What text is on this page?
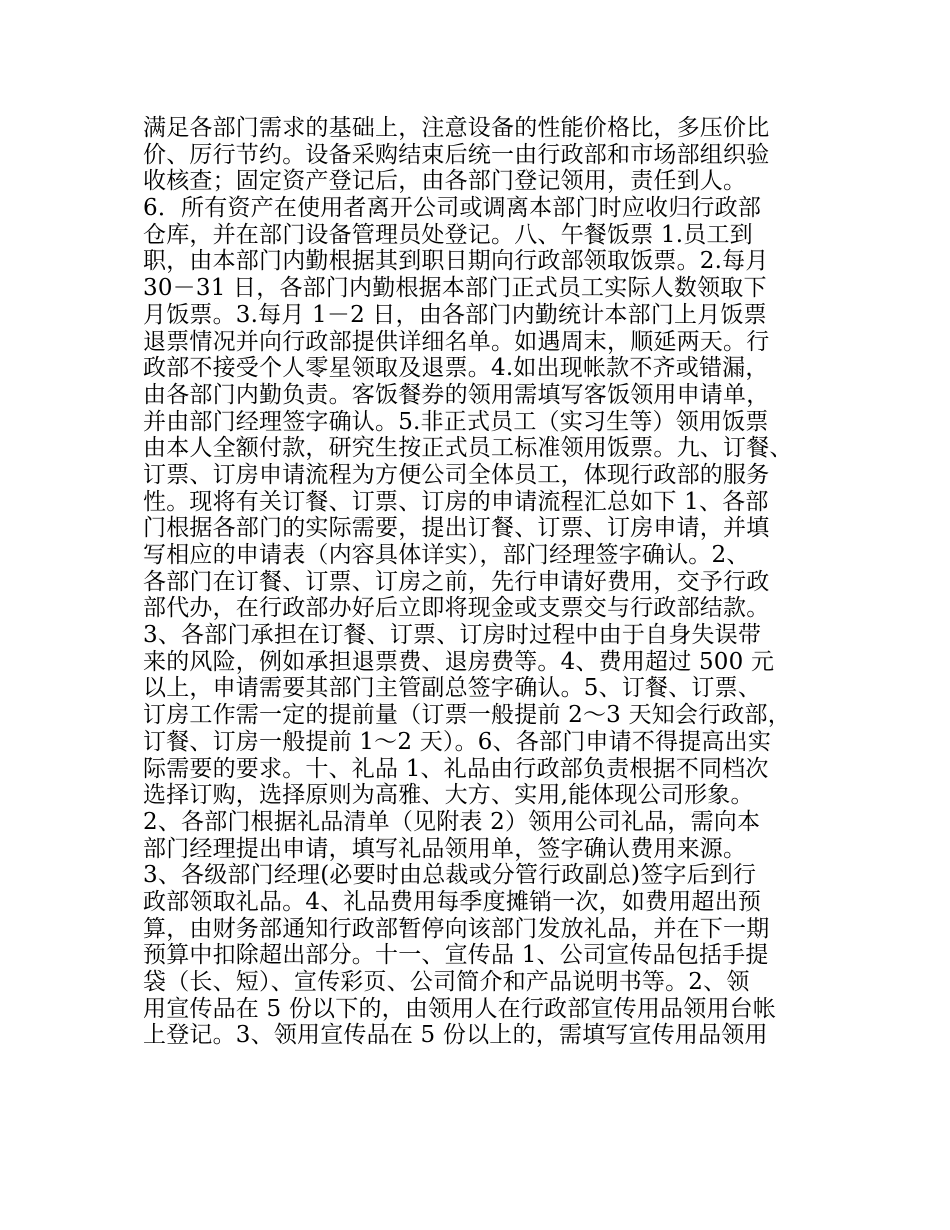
满足各部门需求的基础上，注意设备的性能价格比，多压价比
价、厉行节约。设备采购结束后统一由行政部和市场部组织验
收核查；固定资产登记后，由各部门登记领用，责任到人。
6．所有资产在使用者离开公司或调离本部门时应收归行政部
仓库，并在部门设备管理员处登记。八、午餐饭票 1.员工到
职，由本部门内勤根据其到职日期向行政部领取饭票。2.每月
30－31 日，各部门内勤根据本部门正式员工实际人数领取下
月饭票。3.每月 1－2 日，由各部门内勤统计本部门上月饭票
退票情况并向行政部提供详细名单。如遇周末，顺延两天。行
政部不接受个人零星领取及退票。4.如出现帐款不齐或错漏，
由各部门内勤负责。客饭餐券的领用需填写客饭领用申请单，
并由部门经理签字确认。5.非正式员工（实习生等）领用饭票
由本人全额付款，研究生按正式员工标准领用饭票。九、订餐、
订票、订房申请流程为方便公司全体员工，体现行政部的服务
性。现将有关订餐、订票、订房的申请流程汇总如下 1、各部
门根据各部门的实际需要，提出订餐、订票、订房申请，并填
写相应的申请表（内容具体详实），部门经理签字确认。2、
各部门在订餐、订票、订房之前，先行申请好费用，交予行政
部代办，在行政部办好后立即将现金或支票交与行政部结款。
3、各部门承担在订餐、订票、订房时过程中由于自身失误带
来的风险，例如承担退票费、退房费等。4、费用超过 500 元
以上，申请需要其部门主管副总签字确认。5、订餐、订票、
订房工作需一定的提前量（订票一般提前 2～3 天知会行政部，
订餐、订房一般提前 1～2 天）。6、各部门申请不得提高出实
际需要的要求。十、礼品 1、礼品由行政部负责根据不同档次
选择订购，选择原则为高雅、大方、实用,能体现公司形象。
2、各部门根据礼品清单（见附表 2）领用公司礼品，需向本
部门经理提出申请，填写礼品领用单，签字确认费用来源。
3、各级部门经理(必要时由总裁或分管行政副总)签字后到行
政部领取礼品。4、礼品费用每季度摊销一次，如费用超出预
算，由财务部通知行政部暂停向该部门发放礼品，并在下一期
预算中扣除超出部分。十一、宣传品 1、公司宣传品包括手提
袋（长、短）、宣传彩页、公司简介和产品说明书等。2、领
用宣传品在 5 份以下的，由领用人在行政部宣传用品领用台帐
上登记。3、领用宣传品在 5 份以上的，需填写宣传用品领用
